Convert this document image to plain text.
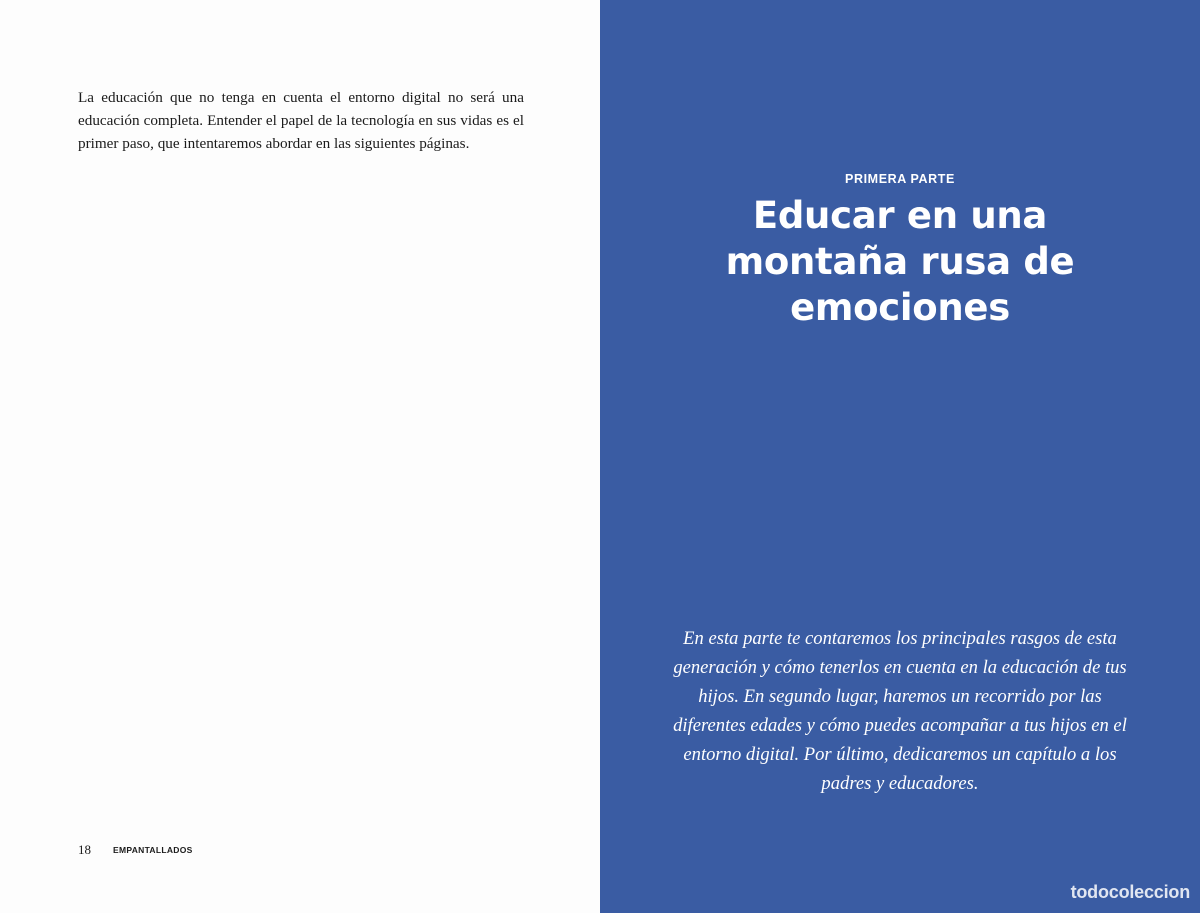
La educación que no tenga en cuenta el entorno digital no será una educación completa. Entender el papel de la tecnología en sus vidas es el primer paso, que intentaremos abordar en las siguientes páginas.

18	EMPANTALLADOS
PRIMERA PARTE
Educar en una
montaña rusa de
emociones

En esta parte te contaremos los principales rasgos de esta generación y cómo tenerlos en cuenta en la educación de tus hijos. En segundo lugar, haremos un recorrido por las diferentes edades y cómo puedes acompañar a tus hijos en el entorno digital. Por último, dedicaremos un capítulo a los padres y educadores.

todocoleccion
